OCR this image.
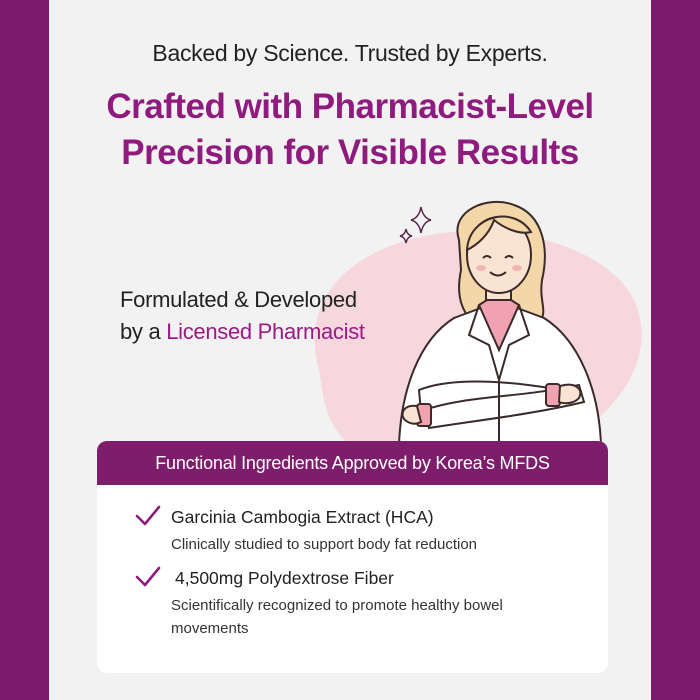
Backed by Science. Trusted by Experts.
Crafted with Pharmacist-Level
Precision for Visible Results
Formulated & Developed
by a Licensed Pharmacist
Functional Ingredients Approved by Korea’s MFDS
Garcinia Cambogia Extract (HCA)
Clinically studied to support body fat reduction
4,500mg Polydextrose Fiber
Scientifically recognized to promote healthy bowel movements
